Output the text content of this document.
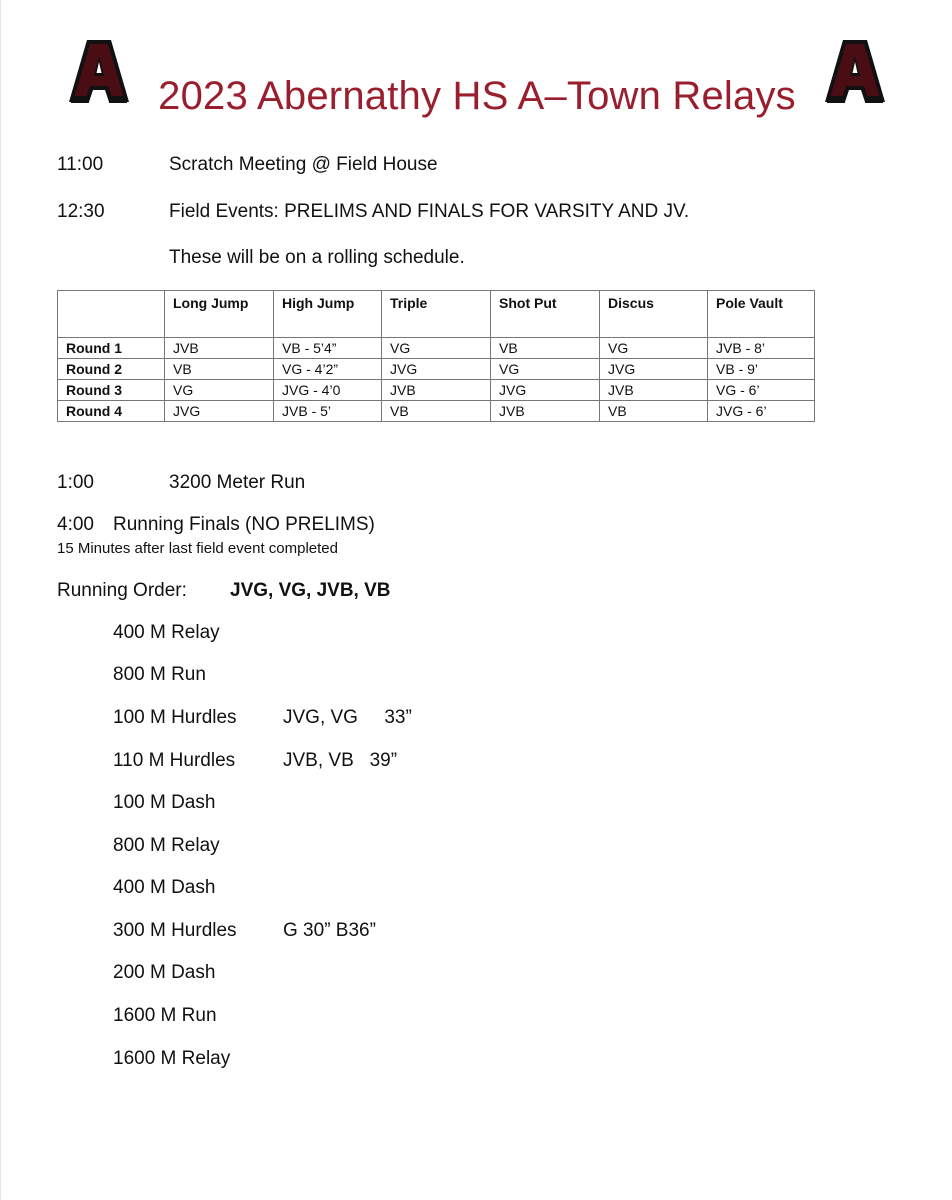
2023 Abernathy HS A–Town Relays
11:00	Scratch Meeting @ Field House
12:30	Field Events: PRELIMS AND FINALS FOR VARSITY AND JV.
These will be on a rolling schedule.
	Long Jump	High Jump	Triple	Shot Put	Discus	Pole Vault
Round 1	JVB	VB - 5’4”	VG	VB	VG	JVB - 8’
Round 2	VB	VG - 4’2”	JVG	VG	JVG	VB - 9’
Round 3	VG	JVG - 4’0	JVB	JVG	JVB	VG - 6’
Round 4	JVG	JVB - 5’	VB	JVB	VB	JVG - 6’
1:00	3200 Meter Run
4:00 Running Finals (NO PRELIMS)
15 Minutes after last field event completed
Running Order: JVG, VG, JVB, VB
400 M Relay
800 M Run
100 M Hurdles JVG, VG     33”
110 M Hurdles	JVB, VB   39”
100 M Dash
800 M Relay
400 M Dash
300 M Hurdles G 30” B36”
200 M Dash
1600 M Run
1600 M Relay
